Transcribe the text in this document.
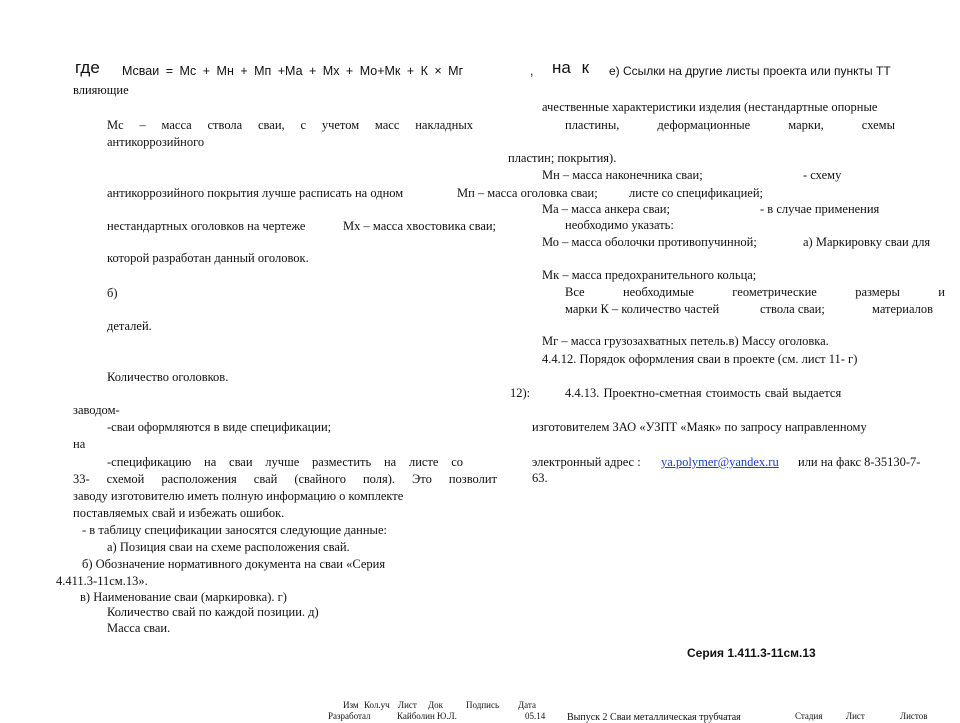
где Мсваи = Мс + Мн + Мп +Ма + Мх + Мо+Мк + К × Мг	, на к
влияющие
Мс – масса ствола сваи, с учетом масс накладных
антикоррозийного
антикоррозийного покрытия лучше расписать на одном
нестандартных оголовков на чертеже	Мх – масса хвостовика сваи;
которой разработан данный оголовок.
б)
деталей.
Количество оголовков.
заводом-
-сваи оформляются в виде спецификации;
на
-спецификацию на сваи лучше разместить на листе со
33- схемой расположения свай (свайного поля). Это позволит
заводу изготовителю иметь полную информацию о комплекте
поставляемых свай и избежать ошибок.
- в таблицу спецификации заносятся следующие данные:
а) Позиция сваи на схеме расположения свай.
б) Обозначение нормативного документа на сваи «Серия
4.411.3-11см.13».
в) Наименование сваи (маркировка). г)
Количество свай по каждой позиции. д)
Масса сваи.
е) Ссылки на другие листы проекта или пункты ТТ
ачественные характеристики изделия (нестандартные опорные
пластины, деформационные марки, схемы
пластин; покрытия).
Мн – масса наконечника сваи;	- схему
Мп – масса оголовка сваи;	листе со спецификацией;
Ма – масса анкера сваи;	- в случае применения
необходимо указать:
Мо – масса оболочки противопучинной;	а) Маркировку сваи для
Мк – масса предохранительного кольца;
Все необходимые геометрические размеры и
марки К – количество частей	ствола сваи;	материалов
Мг – масса грузозахватных петель.в) Массу оголовка.
4.4.12. Порядок оформления сваи в проекте (см. лист 11- г)
12):	4.4.13. Проектно-сметная стоимость свай выдается
изготовителем ЗАО «УЗПТ «Маяк» по запросу направленному
электронный адрес : ya.polymer@yandex.ru или на факс 8-35130-7-
63.
Серия 1.411.3-11см.13
Изм Кол.уч Лист Док	Подпись Дата
Разработал	Кайболин Ю.Л.	05.14 Выпуск 2 Сваи металлическая трубчатая	Стадия	Лист	Листов
